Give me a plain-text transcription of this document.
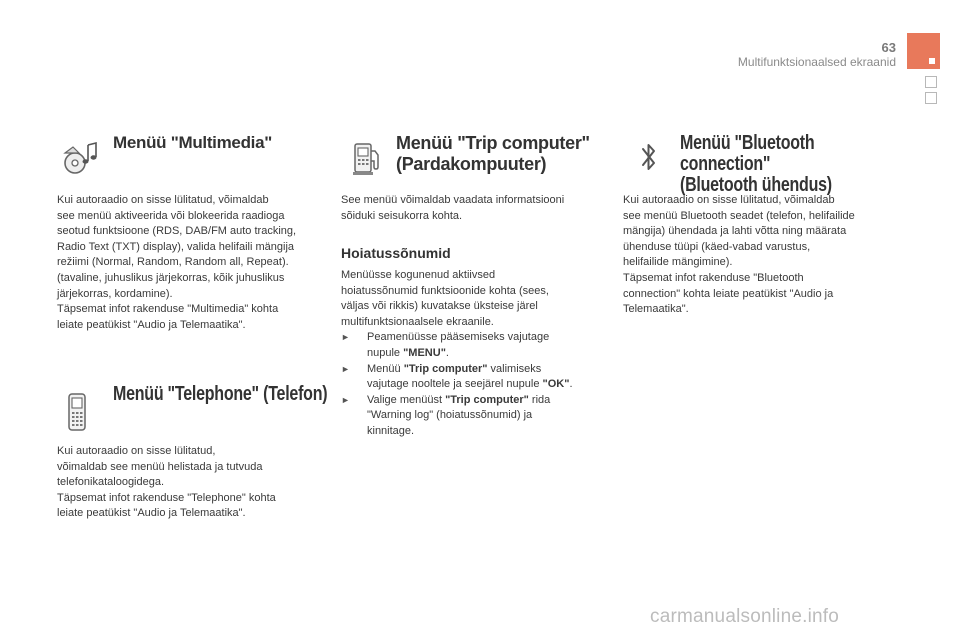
63
Multifunktsionaalsed ekraanid
Menüü "Multimedia"
Kui autoraadio on sisse lülitatud, võimaldab
see menüü aktiveerida või blokeerida raadioga
seotud funktsioone (RDS, DAB/FM auto tracking,
Radio Text (TXT) display), valida helifaili mängija
režiimi (Normal, Random, Random all, Repeat).
(tavaline, juhuslikus järjekorras, kõik juhuslikus
järjekorras, kordamine).
Täpsemat infot rakenduse "Multimedia" kohta
leiate peatükist "Audio ja Telemaatika".
Menüü "Telephone" (Telefon)
Kui autoraadio on sisse lülitatud,
võimaldab see menüü helistada ja tutvuda
telefonikataloogidega.
Täpsemat infot rakenduse "Telephone" kohta
leiate peatükist "Audio ja Telemaatika".
Menüü "Trip computer"
(Pardakompuuter)
See menüü võimaldab vaadata informatsiooni
sõiduki seisukorra kohta.
Hoiatussõnumid
Menüüsse kogunenud aktiivsed
hoiatussõnumid funktsioonide kohta (sees,
väljas või rikkis) kuvatakse üksteise järel
multifunktsionaalsele ekraanile.
► Peamenüüsse pääsemiseks vajutage
nupule "MENU".
► Menüü "Trip computer" valimiseks
vajutage nooltele ja seejärel nupule "OK".
► Valige menüüst "Trip computer" rida
"Warning log" (hoiatussõnumid) ja
kinnitage.
Menüü "Bluetooth connection"
(Bluetooth ühendus)
Kui autoraadio on sisse lülitatud, võimaldab
see menüü Bluetooth seadet (telefon, helifailide
mängija) ühendada ja lahti võtta ning määrata
ühenduse tüüpi (käed-vabad varustus,
helifailide mängimine).
Täpsemat infot rakenduse "Bluetooth
connection" kohta leiate peatükist "Audio ja
Telemaatika".
carmanualsonline.info
